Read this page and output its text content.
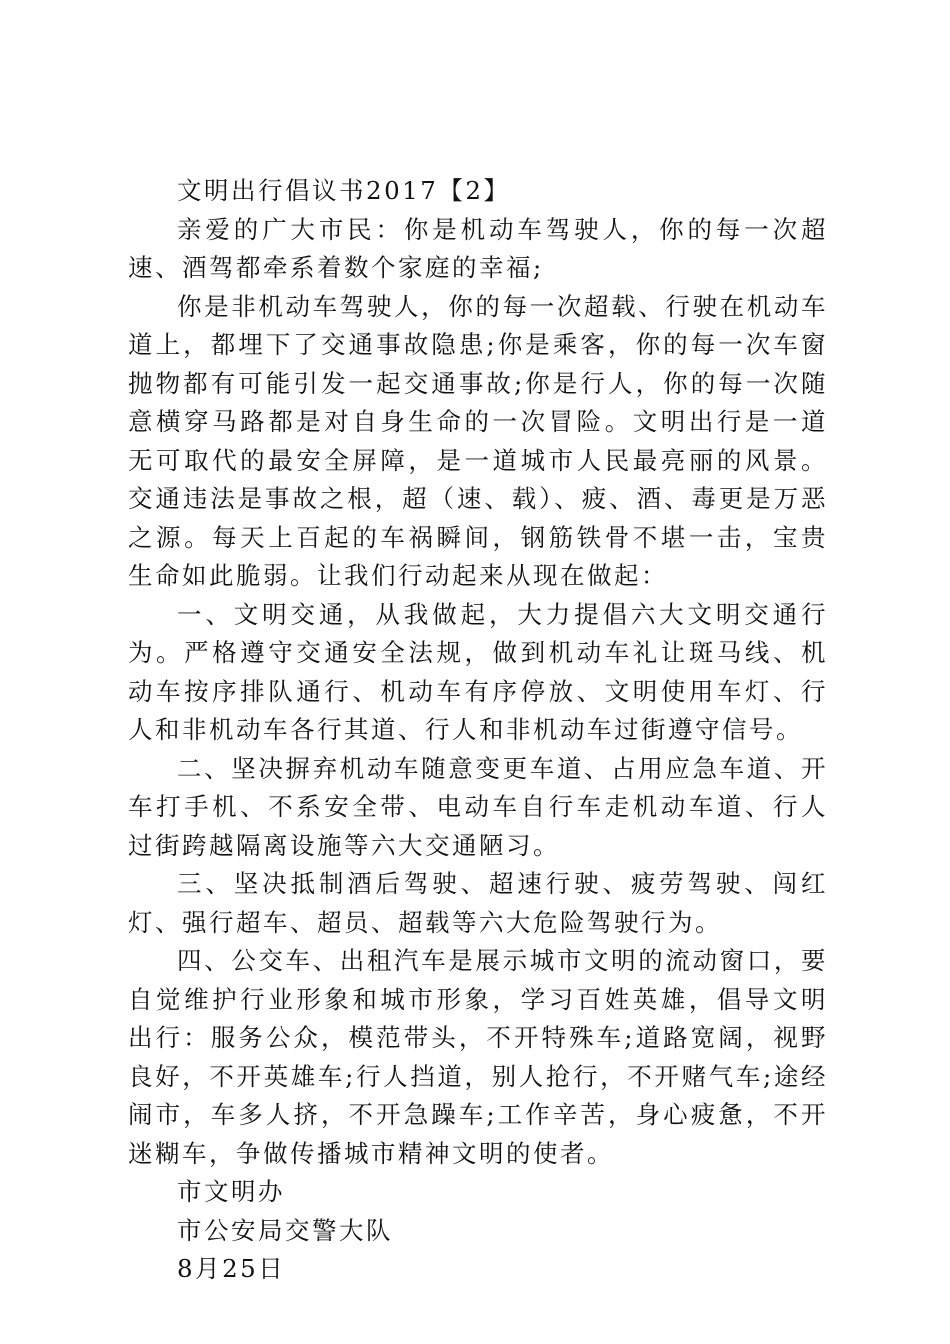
文明出行倡议书2017【2】

亲爱的广大市民：你是机动车驾驶人，你的每一次超速、酒驾都牵系着数个家庭的幸福;

你是非机动车驾驶人，你的每一次超载、行驶在机动车道上，都埋下了交通事故隐患;你是乘客，你的每一次车窗抛物都有可能引发一起交通事故;你是行人，你的每一次随意横穿马路都是对自身生命的一次冒险。文明出行是一道无可取代的最安全屏障，是一道城市人民最亮丽的风景。交通违法是事故之根，超（速、载）、疲、酒、毒更是万恶之源。每天上百起的车祸瞬间，钢筋铁骨不堪一击，宝贵生命如此脆弱。让我们行动起来从现在做起：

一、文明交通，从我做起，大力提倡六大文明交通行为。严格遵守交通安全法规，做到机动车礼让斑马线、机动车按序排队通行、机动车有序停放、文明使用车灯、行人和非机动车各行其道、行人和非机动车过街遵守信号。

二、坚决摒弃机动车随意变更车道、占用应急车道、开车打手机、不系安全带、电动车自行车走机动车道、行人过街跨越隔离设施等六大交通陋习。

三、坚决抵制酒后驾驶、超速行驶、疲劳驾驶、闯红灯、强行超车、超员、超载等六大危险驾驶行为。

四、公交车、出租汽车是展示城市文明的流动窗口，要自觉维护行业形象和城市形象，学习百姓英雄，倡导文明出行：服务公众，模范带头，不开特殊车;道路宽阔，视野良好，不开英雄车;行人挡道，别人抢行，不开赌气车;途经闹市，车多人挤，不开急躁车;工作辛苦，身心疲惫，不开迷糊车，争做传播城市精神文明的使者。

市文明办

市公安局交警大队

8月25日
